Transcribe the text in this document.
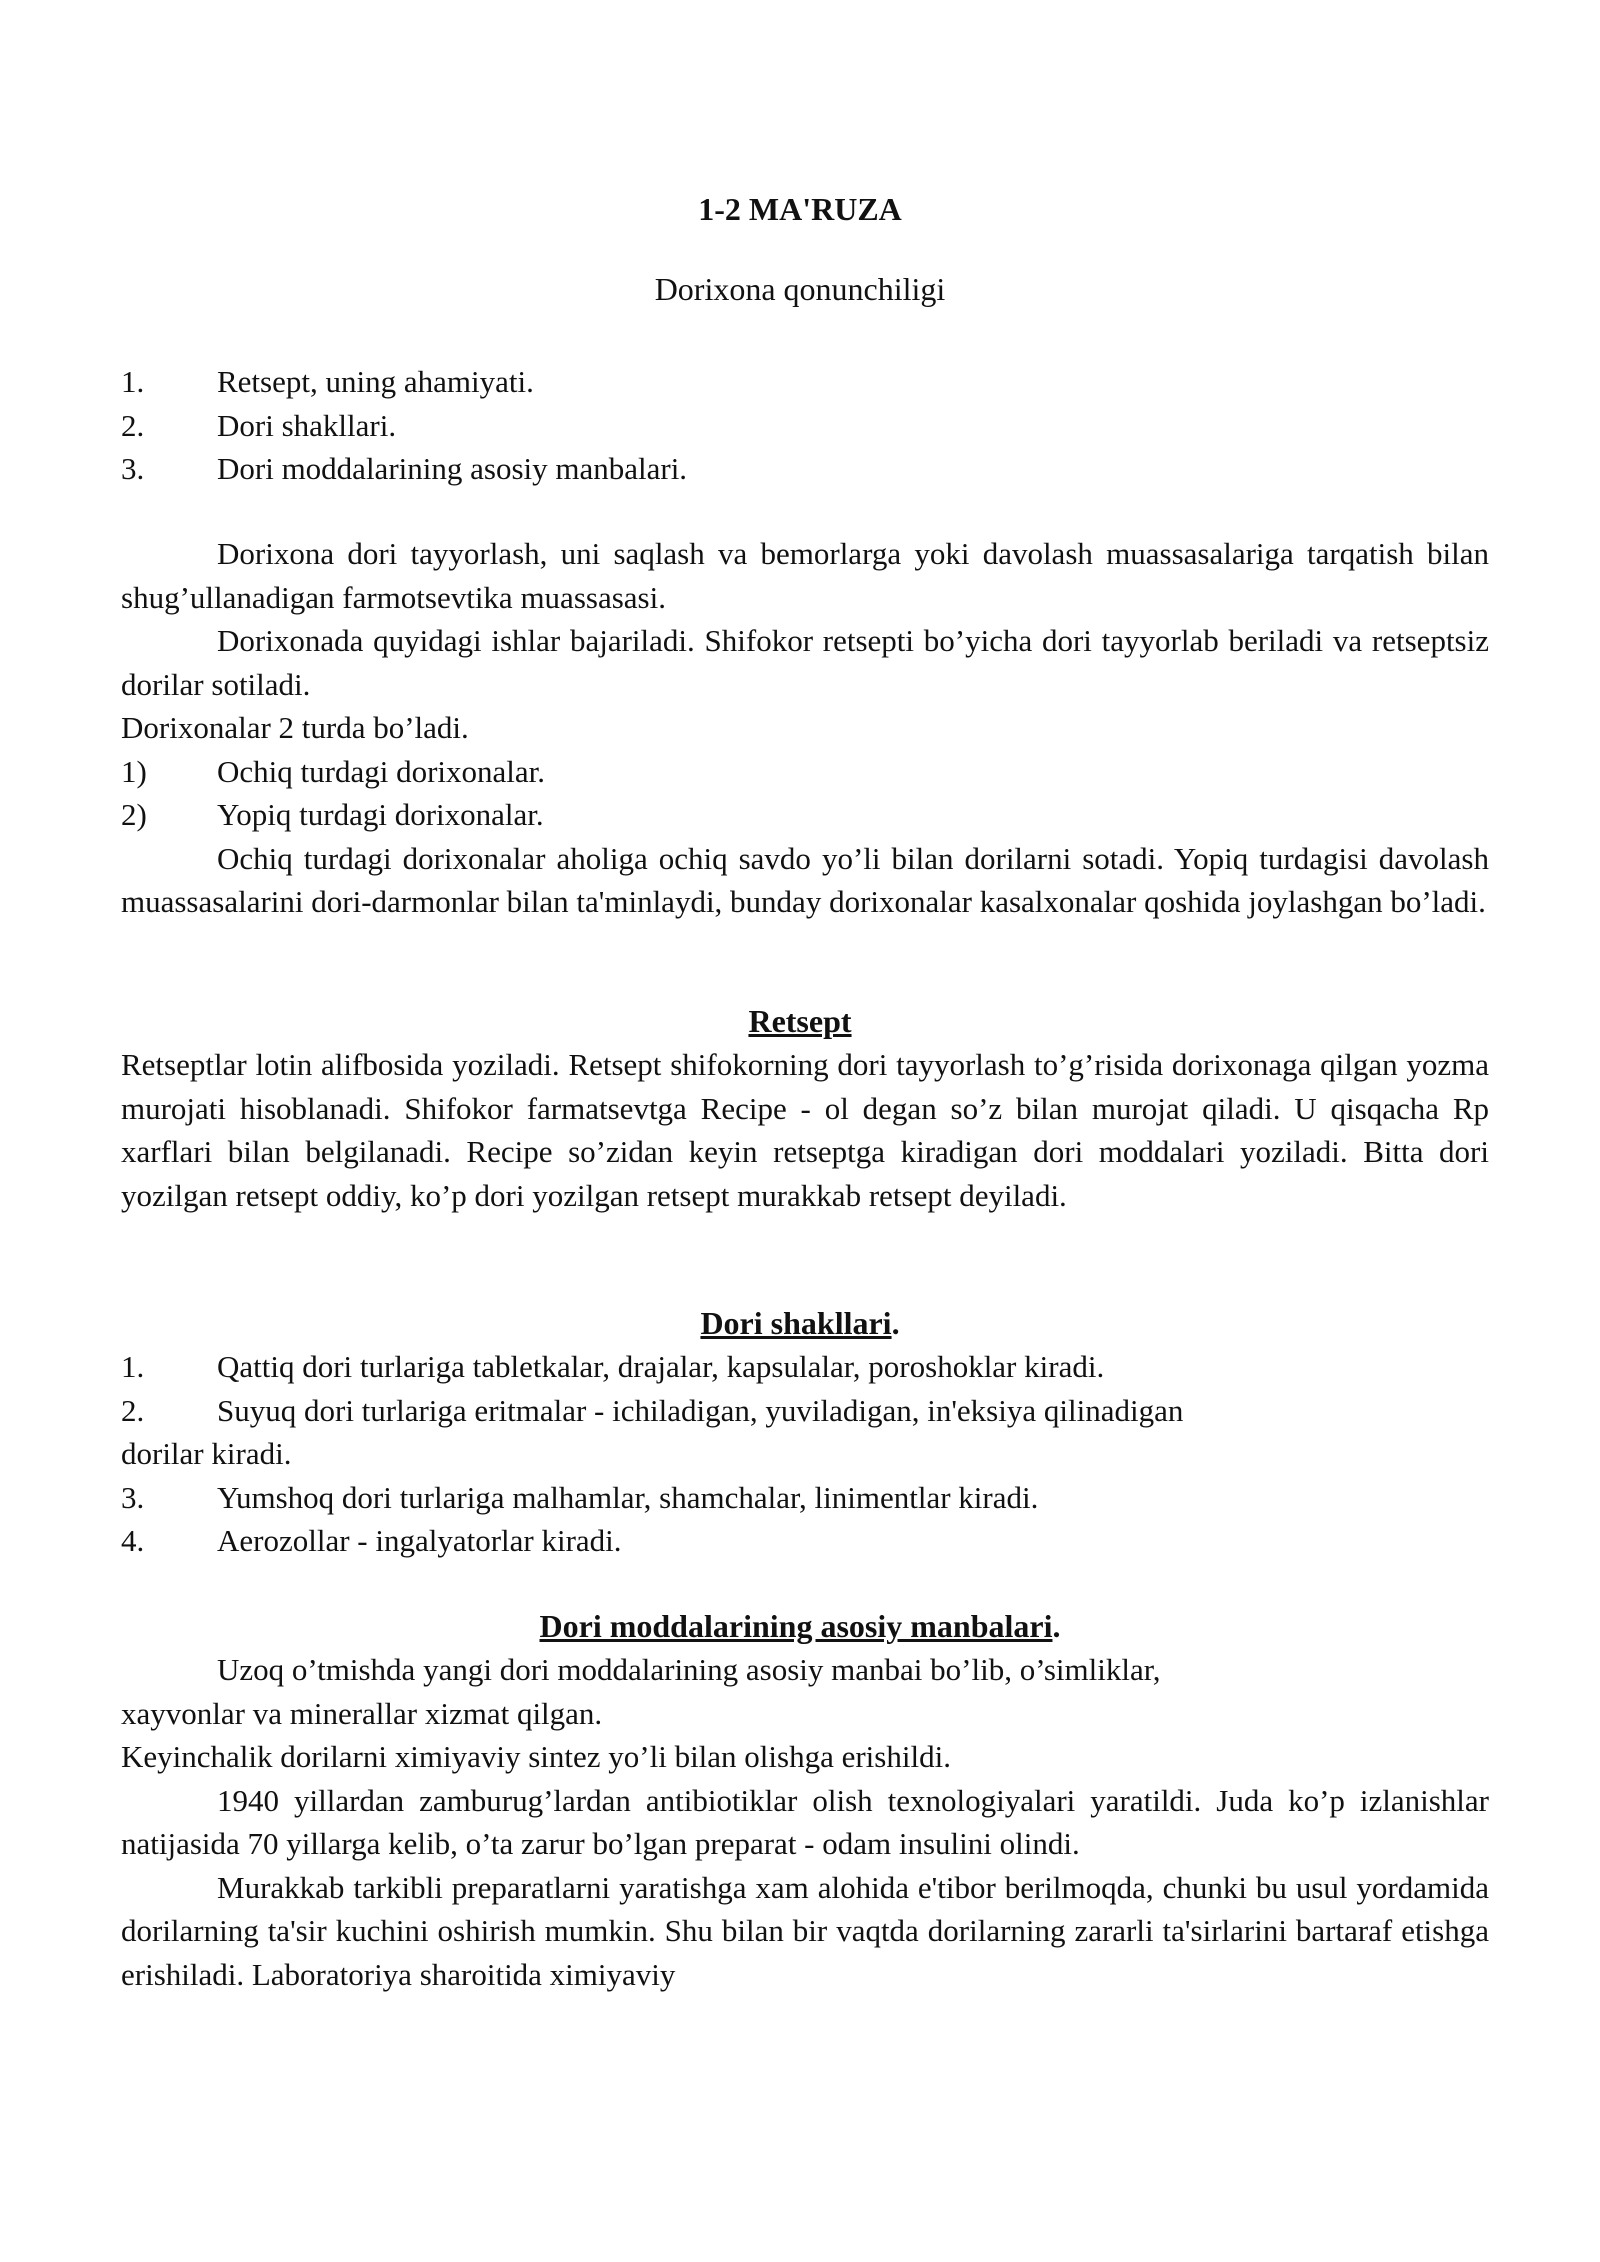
1-2 MA'RUZA
Dorixona qonunchiligi
1. Retsept, uning ahamiyati.
2. Dori shakllari.
3. Dori moddalarining asosiy manbalari.
Dorixona dori tayyorlash, uni saqlash va bemorlarga yoki davolash muassasalariga tarqatish bilan shug’ullanadigan farmotsevtika muassasasi.
Dorixonada quyidagi ishlar bajariladi. Shifokor retsepti bo’yicha dori tayyorlab beriladi va retseptsiz dorilar sotiladi.
Dorixonalar 2 turda bo’ladi.
1) Ochiq turdagi dorixonalar.
2) Yopiq turdagi dorixonalar.
Ochiq turdagi dorixonalar aholiga ochiq savdo yo’li bilan dorilarni sotadi. Yopiq turdagisi davolash muassasalarini dori-darmonlar bilan ta'minlaydi, bunday dorixonalar kasalxonalar qoshida joylashgan bo’ladi.
Retsept
Retseptlar lotin alifbosida yoziladi. Retsept shifokorning dori tayyorlash to’g’risida dorixonaga qilgan yozma murojati hisoblanadi. Shifokor farmatsevtga Recipe - ol degan so’z bilan murojat qiladi. U qisqacha Rp xarflari bilan belgilanadi. Recipe so’zidan keyin retseptga kiradigan dori moddalari yoziladi. Bitta dori yozilgan retsept oddiy, ko’p dori yozilgan retsept murakkab retsept deyiladi.
Dori shakllari.
1. Qattiq dori turlariga tabletkalar, drajalar, kapsulalar, poroshoklar kiradi.
2. Suyuq dori turlariga eritmalar - ichiladigan, yuviladigan, in'eksiya qilinadigan
dorilar kiradi.
3. Yumshoq dori turlariga malhamlar, shamchalar, linimentlar kiradi.
4. Aerozollar - ingalyatorlar kiradi.
Dori moddalarining asosiy manbalari.
Uzoq o’tmishda yangi dori moddalarining asosiy manbai bo’lib, o’simliklar,
xayvonlar va minerallar xizmat qilgan.
Keyinchalik dorilarni ximiyaviy sintez yo’li bilan olishga erishildi.
1940 yillardan zamburug’lardan antibiotiklar olish texnologiyalari yaratildi. Juda ko’p izlanishlar natijasida 70 yillarga kelib, o’ta zarur bo’lgan preparat - odam insulini olindi.
Murakkab tarkibli preparatlarni yaratishga xam alohida e'tibor berilmoqda, chunki bu usul yordamida dorilarning ta'sir kuchini oshirish mumkin. Shu bilan bir vaqtda dorilarning zararli ta'sirlarini bartaraf etishga erishiladi. Laboratoriya sharoitida ximiyaviy
